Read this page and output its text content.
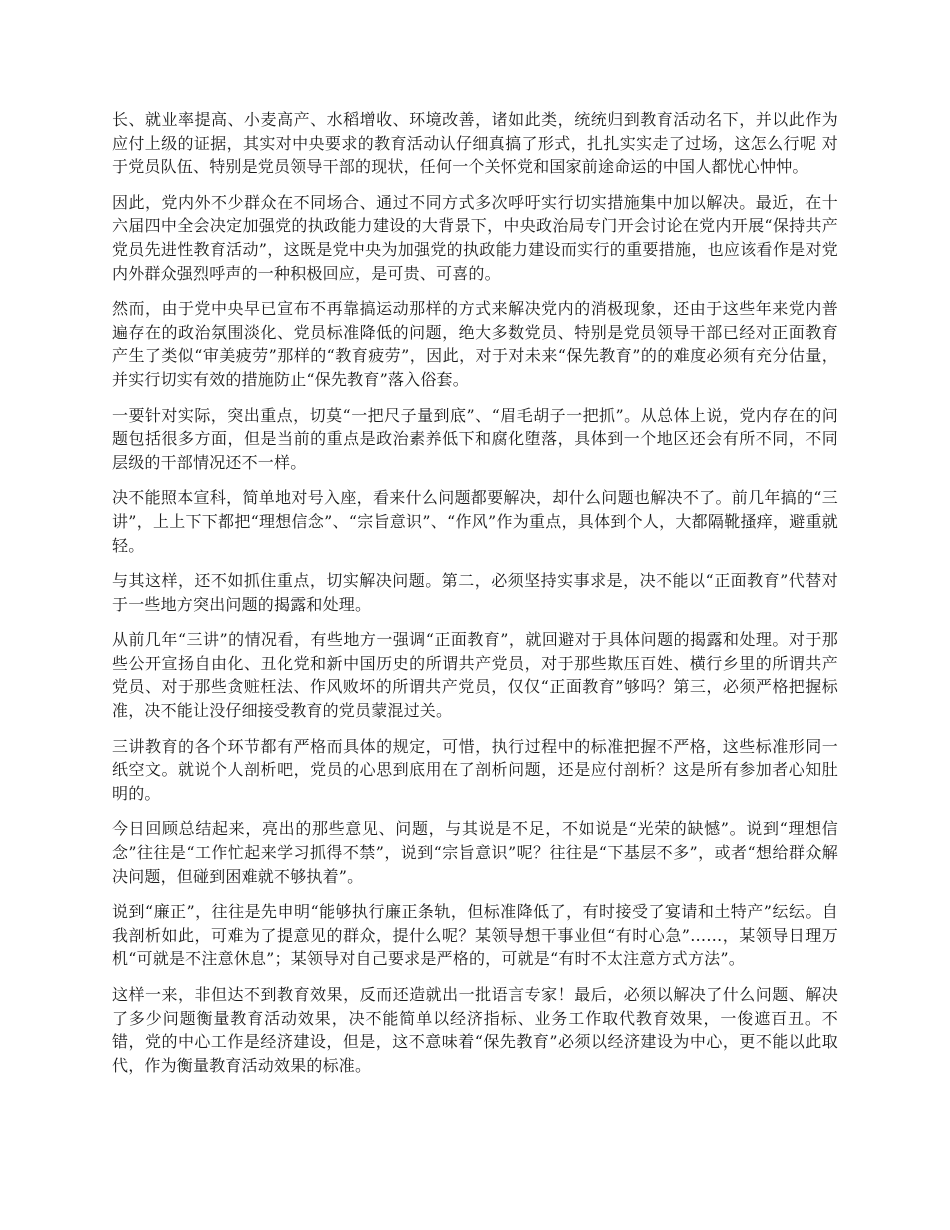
长、就业率提高、小麦高产、水稻增收、环境改善，诸如此类，统统归到教育活动名下，并以此作为应付上级的证据，其实对中央要求的教育活动认仔细真搞了形式，扎扎实实走了过场，这怎么行呢 对于党员队伍、特别是党员领导干部的现状，任何一个关怀党和国家前途命运的中国人都忧心忡忡。

因此，党内外不少群众在不同场合、通过不同方式多次呼吁实行切实措施集中加以解决。最近，在十六届四中全会决定加强党的执政能力建设的大背景下，中央政治局专门开会讨论在党内开展“保持共产党员先进性教育活动”，这既是党中央为加强党的执政能力建设而实行的重要措施，也应该看作是对党内外群众强烈呼声的一种积极回应，是可贵、可喜的。

然而，由于党中央早已宣布不再靠搞运动那样的方式来解决党内的消极现象，还由于这些年来党内普遍存在的政治氛围淡化、党员标准降低的问题，绝大多数党员、特别是党员领导干部已经对正面教育产生了类似“审美疲劳”那样的“教育疲劳”，因此，对于对未来“保先教育”的的难度必须有充分估量，并实行切实有效的措施防止“保先教育”落入俗套。

一要针对实际，突出重点，切莫“一把尺子量到底”、“眉毛胡子一把抓”。从总体上说，党内存在的问题包括很多方面，但是当前的重点是政治素养低下和腐化堕落，具体到一个地区还会有所不同，不同层级的干部情况还不一样。

决不能照本宣科，简单地对号入座，看来什么问题都要解决，却什么问题也解决不了。前几年搞的“三讲”，上上下下都把“理想信念”、“宗旨意识”、“作风”作为重点，具体到个人，大都隔靴搔痒，避重就轻。

与其这样，还不如抓住重点，切实解决问题。第二，必须坚持实事求是，决不能以“正面教育”代替对于一些地方突出问题的揭露和处理。

从前几年“三讲”的情况看，有些地方一强调“正面教育”，就回避对于具体问题的揭露和处理。对于那些公开宣扬自由化、丑化党和新中国历史的所谓共产党员，对于那些欺压百姓、横行乡里的所谓共产党员、对于那些贪赃枉法、作风败坏的所谓共产党员，仅仅“正面教育”够吗？第三，必须严格把握标准，决不能让没仔细接受教育的党员蒙混过关。

三讲教育的各个环节都有严格而具体的规定，可惜，执行过程中的标准把握不严格，这些标准形同一纸空文。就说个人剖析吧，党员的心思到底用在了剖析问题，还是应付剖析？这是所有参加者心知肚明的。

今日回顾总结起来，亮出的那些意见、问题，与其说是不足，不如说是“光荣的缺憾”。说到“理想信念”往往是“工作忙起来学习抓得不禁”，说到“宗旨意识”呢？往往是“下基层不多”，或者“想给群众解决问题，但碰到困难就不够执着”。

说到“廉正”，往往是先申明“能够执行廉正条轨，但标准降低了，有时接受了宴请和土特产”纭纭。自我剖析如此，可难为了提意见的群众，提什么呢？某领导想干事业但“有时心急”……，某领导日理万机“可就是不注意休息”；某领导对自己要求是严格的，可就是“有时不太注意方式方法”。

这样一来，非但达不到教育效果，反而还造就出一批语言专家！最后，必须以解决了什么问题、解决了多少问题衡量教育活动效果，决不能简单以经济指标、业务工作取代教育效果，一俊遮百丑。不错，党的中心工作是经济建设，但是，这不意味着“保先教育”必须以经济建设为中心，更不能以此取代，作为衡量教育活动效果的标准。
